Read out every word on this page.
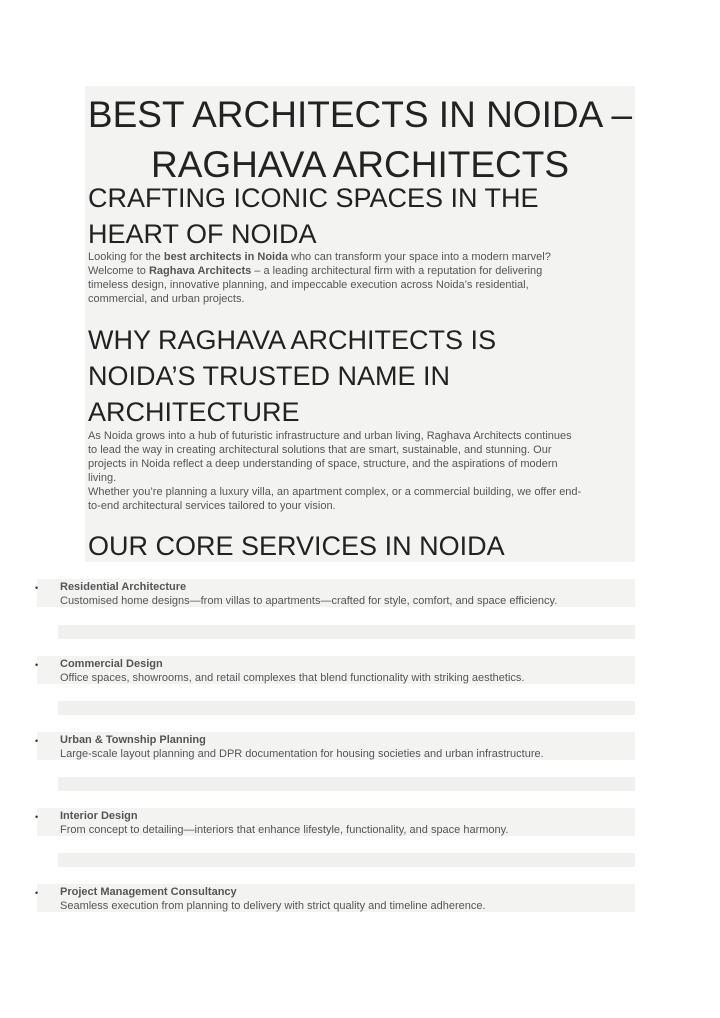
BEST ARCHITECTS IN NOIDA –
RAGHAVA ARCHITECTS
CRAFTING ICONIC SPACES IN THE
HEART OF NOIDA
Looking for the best architects in Noida who can transform your space into a modern marvel?
Welcome to Raghava Architects – a leading architectural firm with a reputation for delivering
timeless design, innovative planning, and impeccable execution across Noida’s residential,
commercial, and urban projects.
WHY RAGHAVA ARCHITECTS IS
NOIDA’S TRUSTED NAME IN
ARCHITECTURE
As Noida grows into a hub of futuristic infrastructure and urban living, Raghava Architects continues
to lead the way in creating architectural solutions that are smart, sustainable, and stunning. Our
projects in Noida reflect a deep understanding of space, structure, and the aspirations of modern
living.
Whether you’re planning a luxury villa, an apartment complex, or a commercial building, we offer end-
to-end architectural services tailored to your vision.
OUR CORE SERVICES IN NOIDA
• Residential Architecture
Customised home designs—from villas to apartments—crafted for style, comfort, and space efficiency.
• Commercial Design
Office spaces, showrooms, and retail complexes that blend functionality with striking aesthetics.
• Urban & Township Planning
Large-scale layout planning and DPR documentation for housing societies and urban infrastructure.
• Interior Design
From concept to detailing—interiors that enhance lifestyle, functionality, and space harmony.
• Project Management Consultancy
Seamless execution from planning to delivery with strict quality and timeline adherence.
